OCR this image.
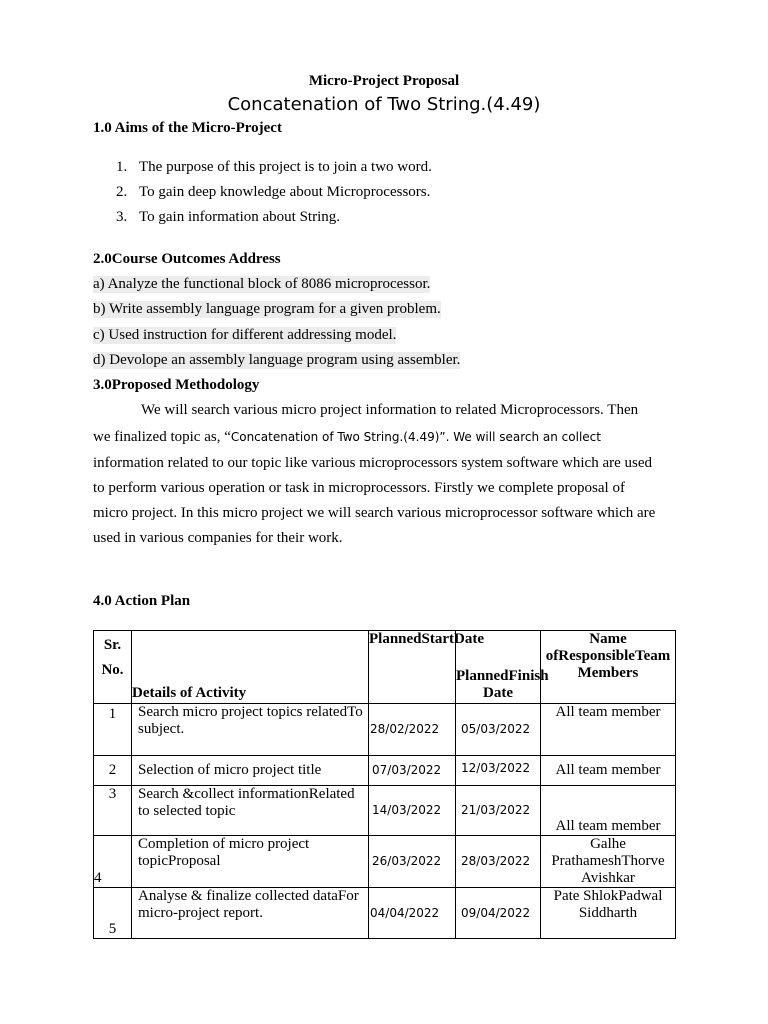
Micro-Project Proposal
Concatenation of Two String.(4.49)
1.0 Aims of the Micro-Project
1. The purpose of this project is to join a two word.
2. To gain deep knowledge about Microprocessors.
3. To gain information about String.
2.0Course Outcomes Address
a) Analyze the functional block of 8086 microprocessor.
b) Write assembly language program for a given problem.
c) Used instruction for different addressing model.
d) Devolope an assembly language program using assembler.
3.0Proposed Methodology
We will search various micro project information to related Microprocessors. Then
we finalized topic as, “Concatenation of Two String.(4.49)”. We will search an collect
information related to our topic like various microprocessors system software which are used
to perform various operation or task in microprocessors. Firstly we complete proposal of
micro project. In this micro project we will search various microprocessor software which are
used in various companies for their work.
4.0 Action Plan
Sr.
No.	Details of Activity	PlannedStartDate	PlannedFinish Date	Name ofResponsibleTeam Members
1	Search micro project topics relatedTo subject.	28/02/2022	05/03/2022	All team member
2	Selection of micro project title	07/03/2022	12/03/2022	All team member
3	Search &collect informationRelated to selected topic	14/03/2022	21/03/2022	All team member
4	Completion of micro project topicProposal	26/03/2022	28/03/2022	Galhe PrathameshThorve Avishkar
5	Analyse & finalize collected dataFor micro-project report.	04/04/2022	09/04/2022	Pate ShlokPadwal Siddharth
